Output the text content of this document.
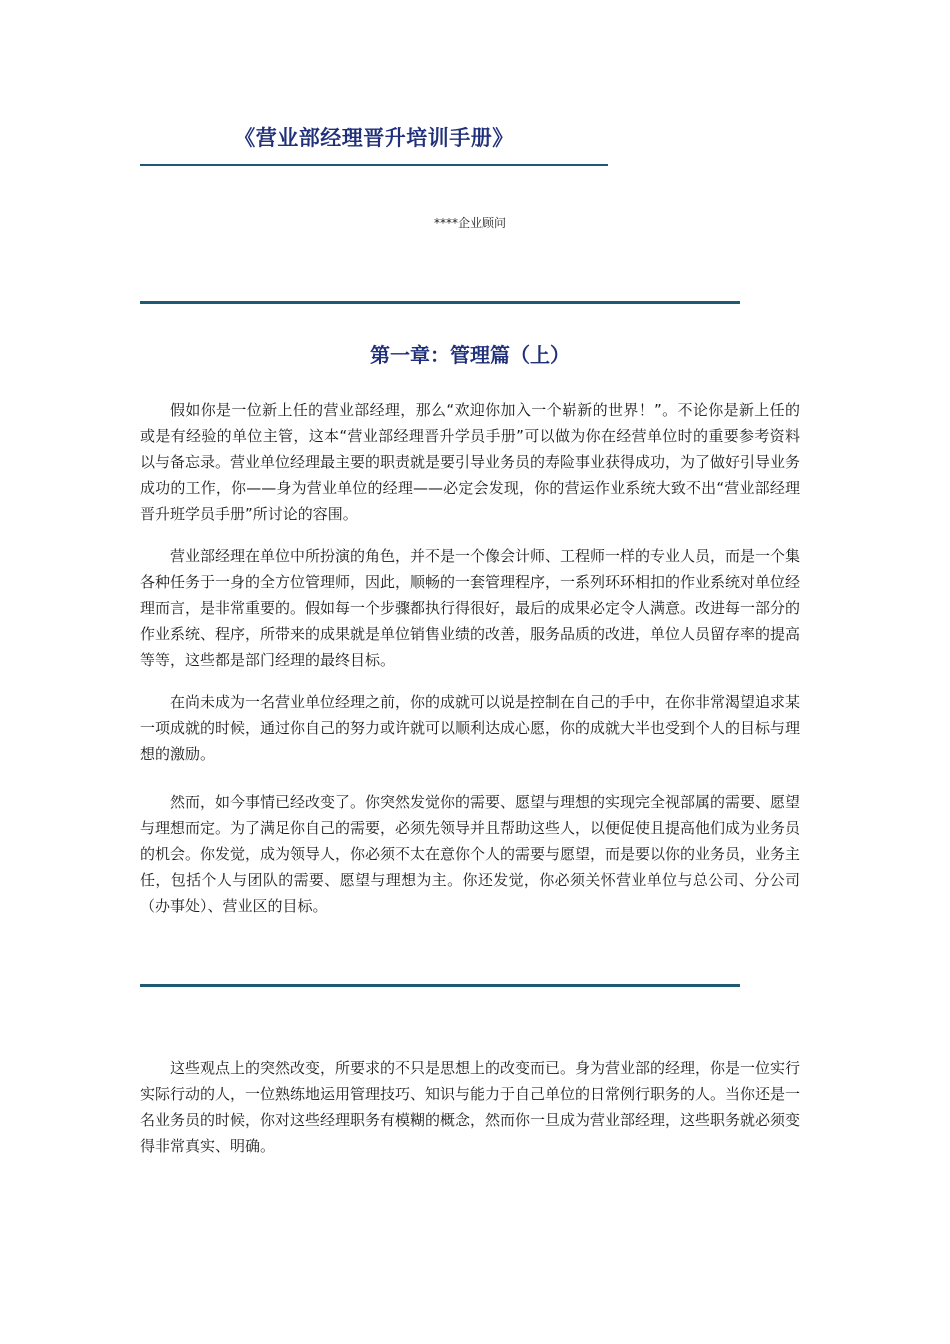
《营业部经理晋升培训手册》
****企业顾问
第一章：管理篇（上）

假如你是一位新上任的营业部经理，那么“欢迎你加入一个崭新的世界！”。不论你是新上任的或是有经验的单位主管，这本“营业部经理晋升学员手册”可以做为你在经营单位时的重要参考资料以与备忘录。营业单位经理最主要的职责就是要引导业务员的寿险事业获得成功，为了做好引导业务成功的工作，你——身为营业单位的经理——必定会发现，你的营运作业系统大致不出“营业部经理晋升班学员手册”所讨论的容围。

营业部经理在单位中所扮演的角色，并不是一个像会计师、工程师一样的专业人员，而是一个集各种任务于一身的全方位管理师，因此，顺畅的一套管理程序，一系列环环相扣的作业系统对单位经理而言，是非常重要的。假如每一个步骤都执行得很好，最后的成果必定令人满意。改进每一部分的作业系统、程序，所带来的成果就是单位销售业绩的改善，服务品质的改进，单位人员留存率的提高等等，这些都是部门经理的最终目标。

在尚未成为一名营业单位经理之前，你的成就可以说是控制在自己的手中，在你非常渴望追求某一项成就的时候，通过你自己的努力或许就可以顺利达成心愿，你的成就大半也受到个人的目标与理想的激励。

然而，如今事情已经改变了。你突然发觉你的需要、愿望与理想的实现完全视部属的需要、愿望与理想而定。为了满足你自己的需要，必须先领导并且帮助这些人，以便促使且提高他们成为业务员的机会。你发觉，成为领导人，你必须不太在意你个人的需要与愿望，而是要以你的业务员，业务主任，包括个人与团队的需要、愿望与理想为主。你还发觉，你必须关怀营业单位与总公司、分公司（办事处）、营业区的目标。

这些观点上的突然改变，所要求的不只是思想上的改变而已。身为营业部的经理，你是一位实行实际行动的人，一位熟练地运用管理技巧、知识与能力于自己单位的日常例行职务的人。当你还是一名业务员的时候，你对这些经理职务有模糊的概念，然而你一旦成为营业部经理，这些职务就必须变得非常真实、明确。
